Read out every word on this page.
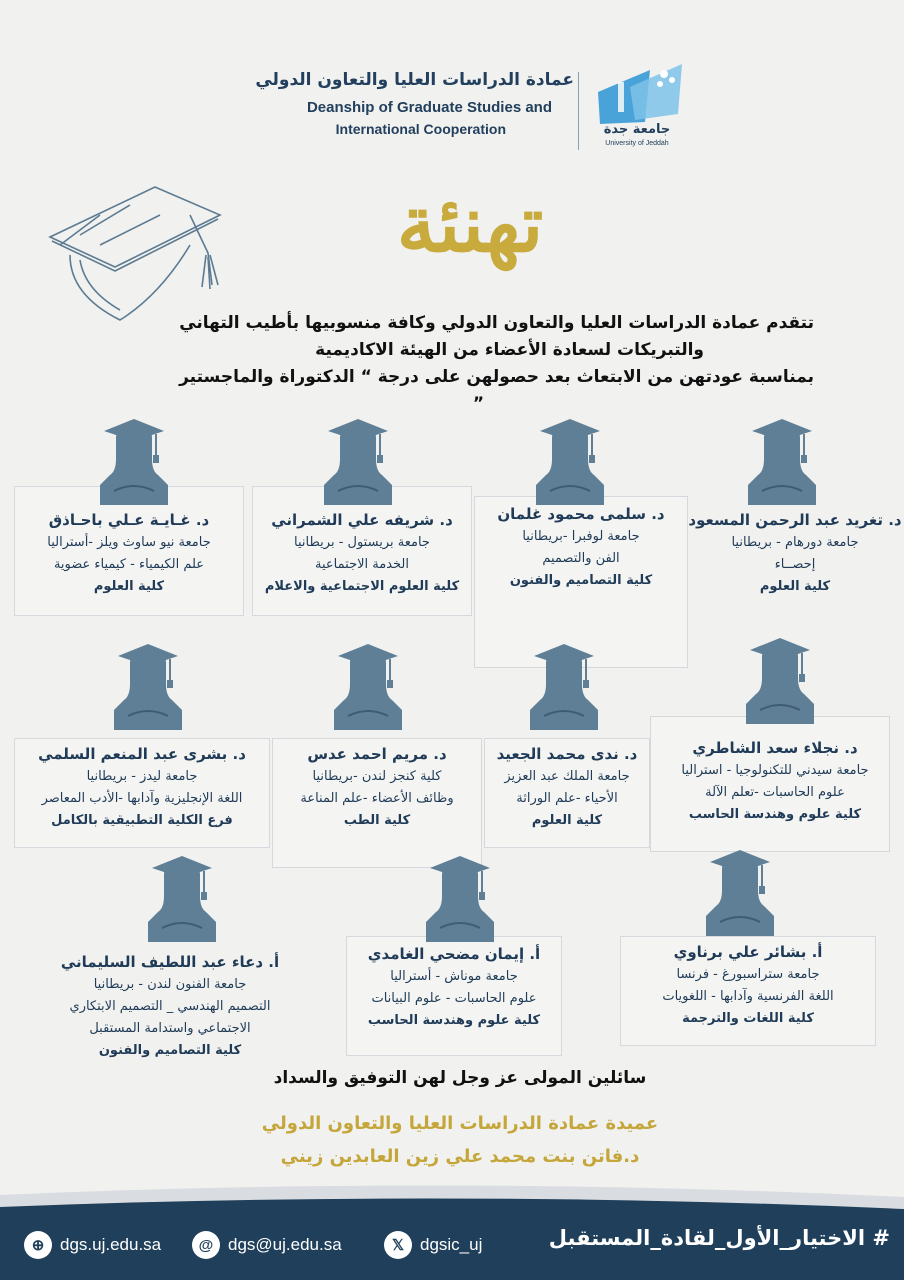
عمادة الدراسات العليا والتعاون الدولي
Deanship of Graduate Studies and
International Cooperation	جامعة جدة
University of Jeddah
تهنئة
تتقدم عمادة الدراسات العليا والتعاون الدولي وكافة منسوبيها بأطيب التهاني
والتبريكات لسعادة الأعضاء من الهيئة الاكاديمية
بمناسبة عودتهن من الابتعاث بعد حصولهن على درجة “ الدكتوراة والماجستير
”
د. تغريد عبد الرحمن المسعود
جامعة دورهام - بريطانيا
إحصــاء
كلية العلوم
د. سلمى محمود غلمان
جامعة لوفبرا -بريطانيا
الفن والتصميم
كلية التصاميم والفنون
د. شريفه علي الشمراني
جامعة بريستول - بريطانيا
الخدمة الاجتماعية
كلية العلوم الاجتماعية والاعلام
د. غـايـة عـلي باحـاذق
جامعة نيو ساوث ويلز -أستراليا
علم الكيمياء - كيمياء عضوية
كلية العلوم
د. نجلاء سعد الشاطري
جامعة سيدني للتكنولوجيا - استراليا
علوم الحاسبات -تعلم الآلة
كلية علوم وهندسة الحاسب
د. ندى محمد الجعيد
جامعة الملك عبد العزيز
الأحياء -علم الوراثة
كلية العلوم
د. مريم احمد عدس
كلية كنجز لندن -بريطانيا
وظائف الأعضاء -علم المناعة
كلية الطب
د. بشرى عبد المنعم السلمي
جامعة ليدز - بريطانيا
اللغة الإنجليزية وآدابها -الأدب المعاصر
فرع الكلية التطبيقية بالكامل
أ. بشائر علي برناوي
جامعة ستراسبورغ - فرنسا
اللغة الفرنسية وآدابها - اللغويات
كلية اللغات والترجمة
أ. إيمان مضحي الغامدي
جامعة موناش - أستراليا
علوم الحاسبات - علوم البيانات
كلية علوم وهندسة الحاسب
أ. دعاء عبد اللطيف السليماني
جامعة الفنون لندن - بريطانيا
التصميم الهندسي _ التصميم الابتكاري
الاجتماعي واستدامة المستقبل
كلية التصاميم والفنون
سائلين المولى عز وجل لهن التوفيق والسداد
عميدة عمادة الدراسات العليا والتعاون الدولي
د.فاتن بنت محمد علي زين العابدين زيني
⊕ dgs.uj.edu.sa	@ dgs@uj.edu.sa	𝕏 dgsic_uj	# الاختيار_الأول_لقادة_المستقبل
